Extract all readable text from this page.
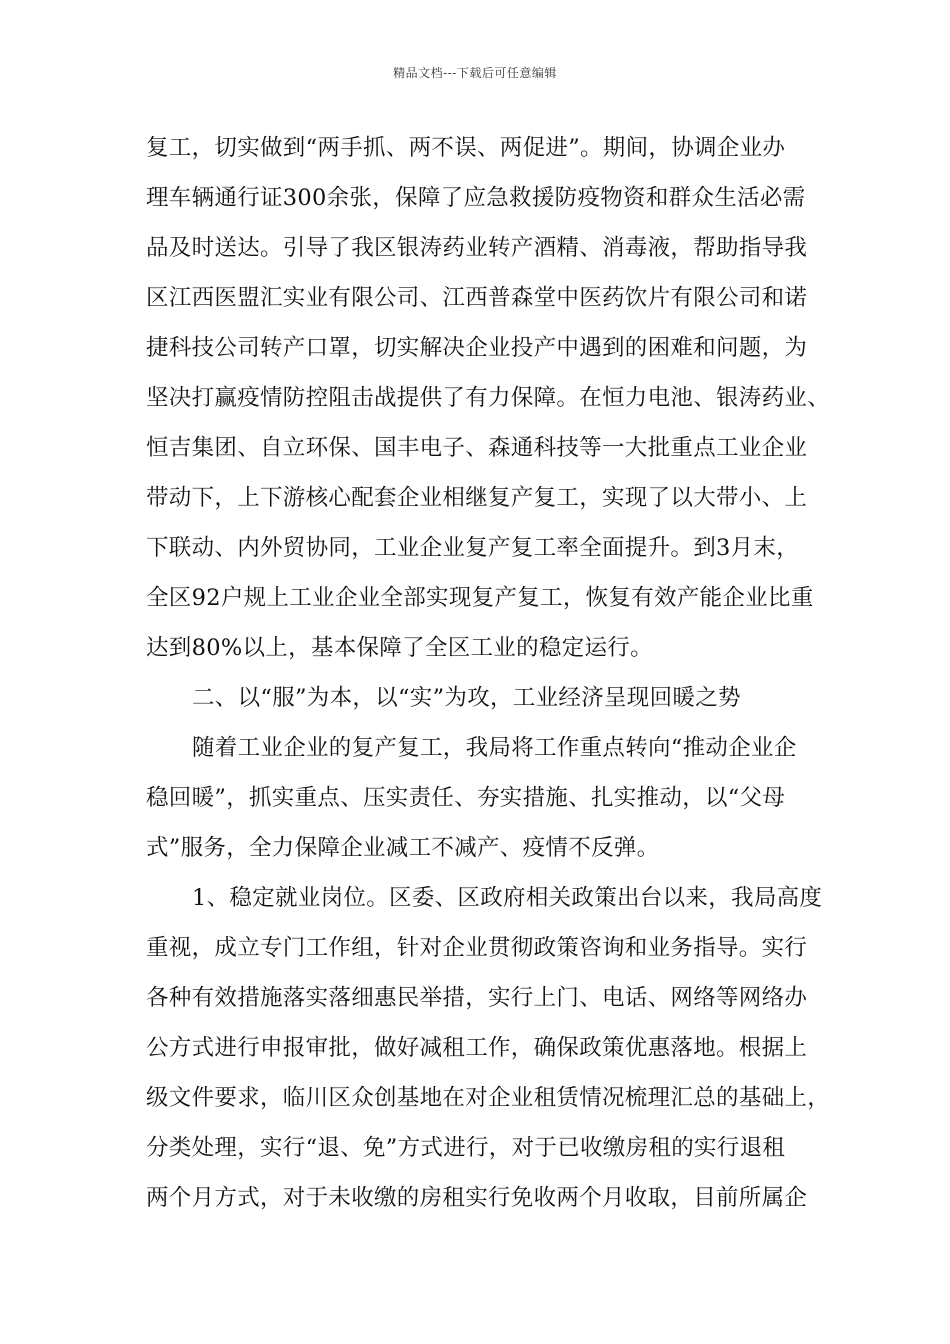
精品文档---下载后可任意编辑
复工，切实做到“两手抓、两不误、两促进”。期间，协调企业办
理车辆通行证300余张，保障了应急救援防疫物资和群众生活必需
品及时送达。引导了我区银涛药业转产酒精、消毒液，帮助指导我
区江西医盟汇实业有限公司、江西普森堂中医药饮片有限公司和诺
捷科技公司转产口罩，切实解决企业投产中遇到的困难和问题，为
坚决打赢疫情防控阻击战提供了有力保障。在恒力电池、银涛药业、
恒吉集团、自立环保、国丰电子、森通科技等一大批重点工业企业
带动下，上下游核心配套企业相继复产复工，实现了以大带小、上
下联动、内外贸协同，工业企业复产复工率全面提升。到3月末，
全区92户规上工业企业全部实现复产复工，恢复有效产能企业比重
达到80%以上，基本保障了全区工业的稳定运行。
二、以“服”为本，以“实”为攻，工业经济呈现回暖之势
随着工业企业的复产复工，我局将工作重点转向“推动企业企
稳回暖”，抓实重点、压实责任、夯实措施、扎实推动，以“父母
式”服务，全力保障企业减工不减产、疫情不反弹。
1、稳定就业岗位。区委、区政府相关政策出台以来，我局高度
重视，成立专门工作组，针对企业贯彻政策咨询和业务指导。实行
各种有效措施落实落细惠民举措，实行上门、电话、网络等网络办
公方式进行申报审批，做好减租工作，确保政策优惠落地。根据上
级文件要求，临川区众创基地在对企业租赁情况梳理汇总的基础上，
分类处理，实行“退、免”方式进行，对于已收缴房租的实行退租
两个月方式，对于未收缴的房租实行免收两个月收取，目前所属企
